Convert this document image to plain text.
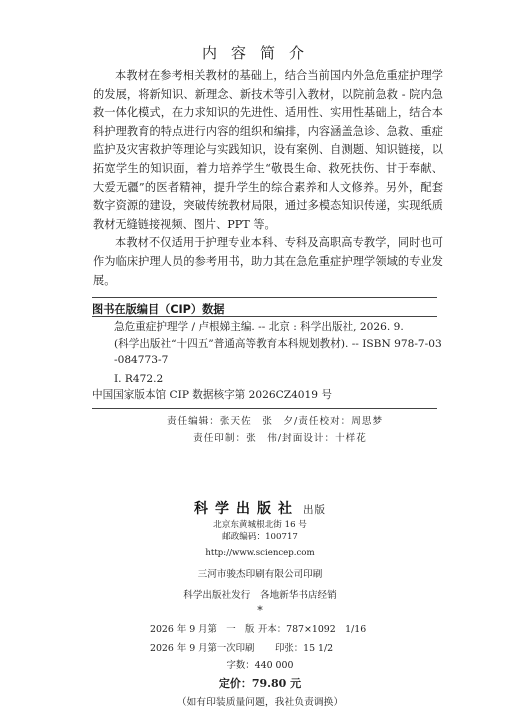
内容简介

本教材在参考相关教材的基础上，结合当前国内外急危重症护理学的发展，将新知识、新理念、新技术等引入教材，以院前急救 - 院内急救一体化模式，在力求知识的先进性、适用性、实用性基础上，结合本科护理教育的特点进行内容的组织和编排，内容涵盖急诊、急救、重症监护及灾害救护等理论与实践知识，设有案例、自测题、知识链接，以拓宽学生的知识面，着力培养学生“敬畏生命、救死扶伤、甘于奉献、大爱无疆”的医者精神，提升学生的综合素养和人文修养。另外，配套数字资源的建设，突破传统教材局限，通过多模态知识传递，实现纸质教材无缝链接视频、图片、PPT 等。

本教材不仅适用于护理专业本科、专科及高职高专教学，同时也可作为临床护理人员的参考用书，助力其在急危重症护理学领域的专业发展。

图书在版编目（CIP）数据
急危重症护理学 / 卢根娣主编. -- 北京 : 科学出版社, 2026. 9.
(科学出版社“十四五”普通高等教育本科规划教材). -- ISBN 978-7-03
-084773-7
Ⅰ. R472.2
中国国家版本馆 CIP 数据核字第 2026CZ4019 号
责任编辑：张天佐　张　夕/责任校对：周思梦
责任印制：张　伟/封面设计：十样花
科学出版社 出版
北京东黄城根北街 16 号
邮政编码：100717
http://www.sciencep.com
三河市骏杰印刷有限公司印刷
科学出版社发行　各地新华书店经销
*
2026 年 9 月第　一　版 开本：787×1092　1/16
2026 年 9 月第一次印刷 印张：15 1/2
字数：440 000
定价：79.80 元
（如有印装质量问题，我社负责调换）
